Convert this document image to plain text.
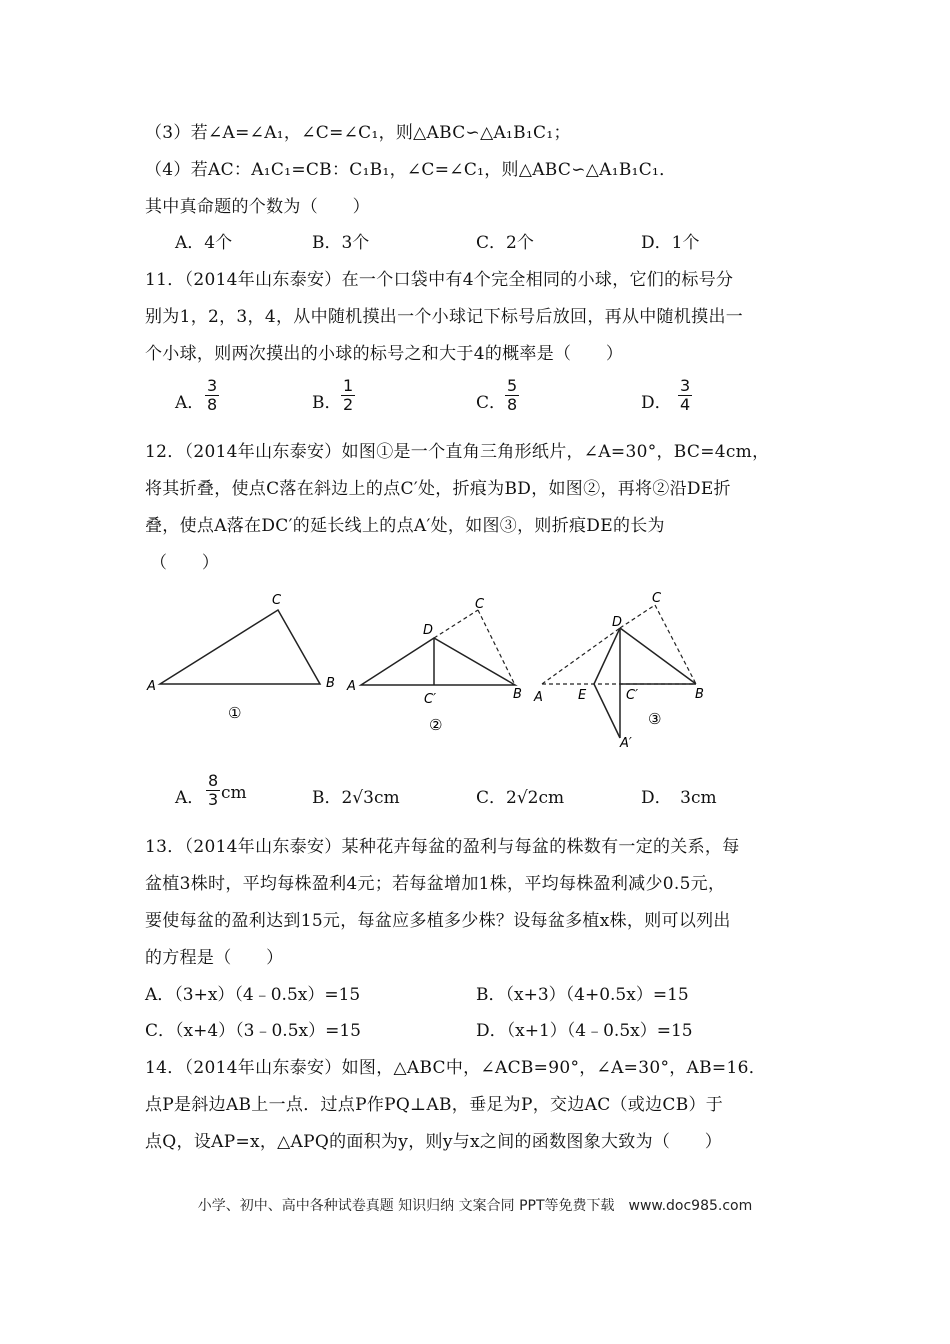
（3）若∠A=∠A₁，∠C=∠C₁，则△ABC∽△A₁B₁C₁；
（4）若AC：A₁C₁=CB：C₁B₁，∠C=∠C₁，则△ABC∽△A₁B₁C₁．
其中真命题的个数为（　　）
A．4个	B．3个	C．2个	D．1个
11．（2014年山东泰安）在一个口袋中有4个完全相同的小球，它们的标号分
别为1，2，3，4，从中随机摸出一个小球记下标号后放回，再从中随机摸出一
个小球，则两次摸出的小球的标号之和大于4的概率是（　　）
A． $\frac{3}{8}$	B． $\frac{1}{2}$	C．
$\frac{5}{8}$	D． $\frac{3}{4}$
12．（2014年山东泰安）如图①是一个直角三角形纸片，∠A=30°，BC=4cm，
将其折叠，使点C落在斜边上的点C′处，折痕为BD，如图②，再将②沿DE折
叠，使点A落在DC′的延长线上的点A′处，如图③，则折痕DE的长为
（　　）
A	B
C
①
A
B
C
D
C′
②
A	B
C
D
E	C′
A′
③
A． $\frac{8}{3}$ cm	B．2√3cm	C．2√2cm	D．　3cm
13．（2014年山东泰安）某种花卉每盆的盈利与每盆的株数有一定的关系，每
盆植3株时，平均每株盈利4元；若每盆增加1株，平均每株盈利减少0.5元，
要使每盆的盈利达到15元，每盆应多植多少株？设每盆多植x株，则可以列出
的方程是（　　）
A．（3+x）（4﹣0.5x）=15	B．（x+3）（4+0.5x）=15
C．（x+4）（3﹣0.5x）=15	D．（x+1）（4﹣0.5x）=15
14．（2014年山东泰安）如图，△ABC中，∠ACB=90°，∠A=30°，AB=16．
点P是斜边AB上一点．过点P作PQ⊥AB，垂足为P，交边AC（或边CB）于
点Q，设AP=x，△APQ的面积为y，则y与x之间的函数图象大致为（　　）
小学、初中、高中各种试卷真题 知识归纳 文案合同 PPT等免费下载　www.doc985.com
